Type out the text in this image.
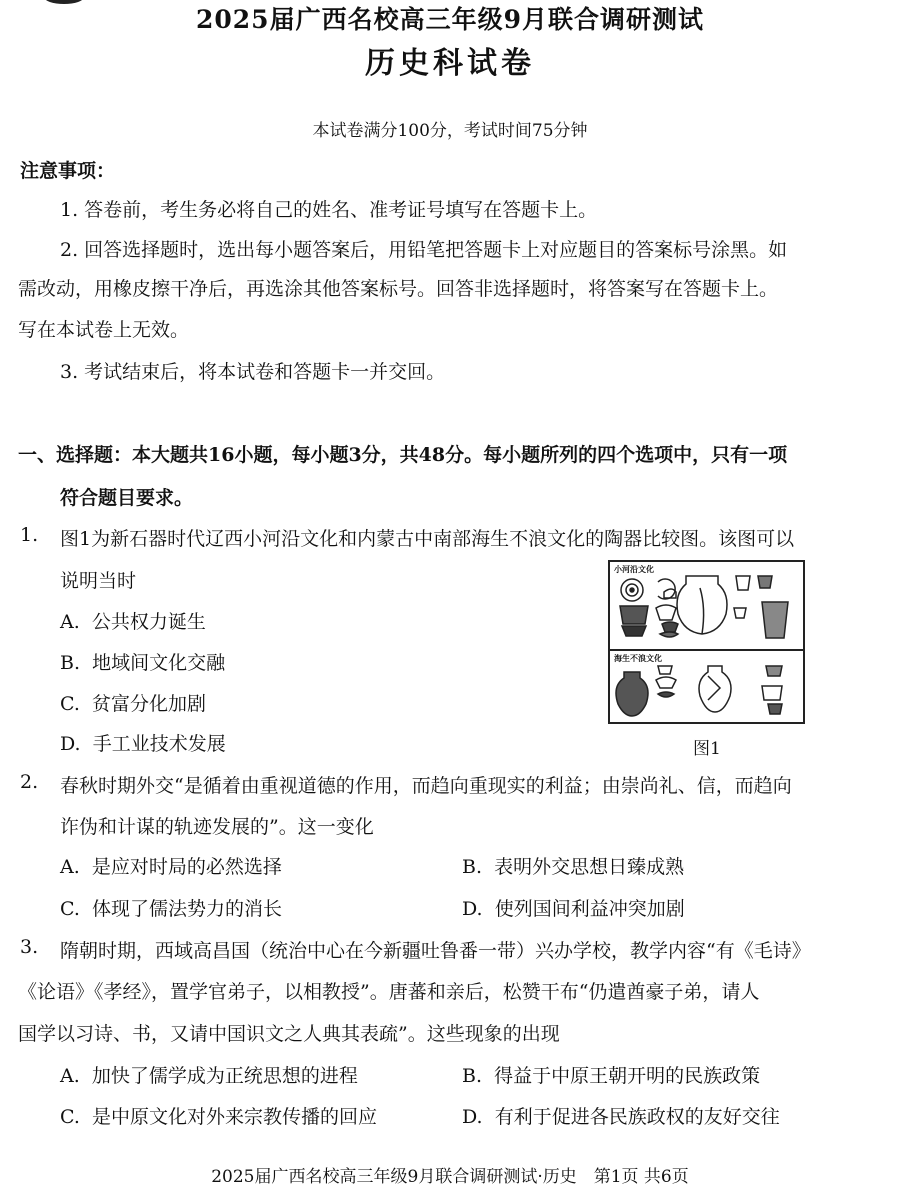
2025届广西名校高三年级9月联合调研测试
历史科试卷
本试卷满分100分，考试时间75分钟
注意事项：
1. 答卷前，考生务必将自己的姓名、准考证号填写在答题卡上。
2. 回答选择题时，选出每小题答案后，用铅笔把答题卡上对应题目的答案标号涂黑。如
需改动，用橡皮擦干净后，再选涂其他答案标号。回答非选择题时，将答案写在答题卡上。
写在本试卷上无效。
3. 考试结束后，将本试卷和答题卡一并交回。
一、选择题：本大题共16小题，每小题3分，共48分。每小题所列的四个选项中，只有一项
符合题目要求。
1. 图1为新石器时代辽西小河沿文化和内蒙古中南部海生不浪文化的陶器比较图。该图可以
说明当时
A. 公共权力诞生
B. 地域间文化交融
C. 贫富分化加剧
D. 手工业技术发展
小河沿文化
海生不浪文化
图1
2. 春秋时期外交“是循着由重视道德的作用，而趋向重现实的利益；由崇尚礼、信，而趋向
诈伪和计谋的轨迹发展的”。这一变化
A. 是应对时局的必然选择	B. 表明外交思想日臻成熟
C. 体现了儒法势力的消长	D. 使列国间利益冲突加剧
3. 隋朝时期，西域高昌国（统治中心在今新疆吐鲁番一带）兴办学校，教学内容“有《毛诗》
《论语》《孝经》，置学官弟子，以相教授”。唐蕃和亲后，松赞干布“仍遣酋豪子弟，请人
国学以习诗、书，又请中国识文之人典其表疏”。这些现象的出现
A. 加快了儒学成为正统思想的进程	B. 得益于中原王朝开明的民族政策
C. 是中原文化对外来宗教传播的回应	D. 有利于促进各民族政权的友好交往
2025届广西名校高三年级9月联合调研测试·历史　第1页 共6页
